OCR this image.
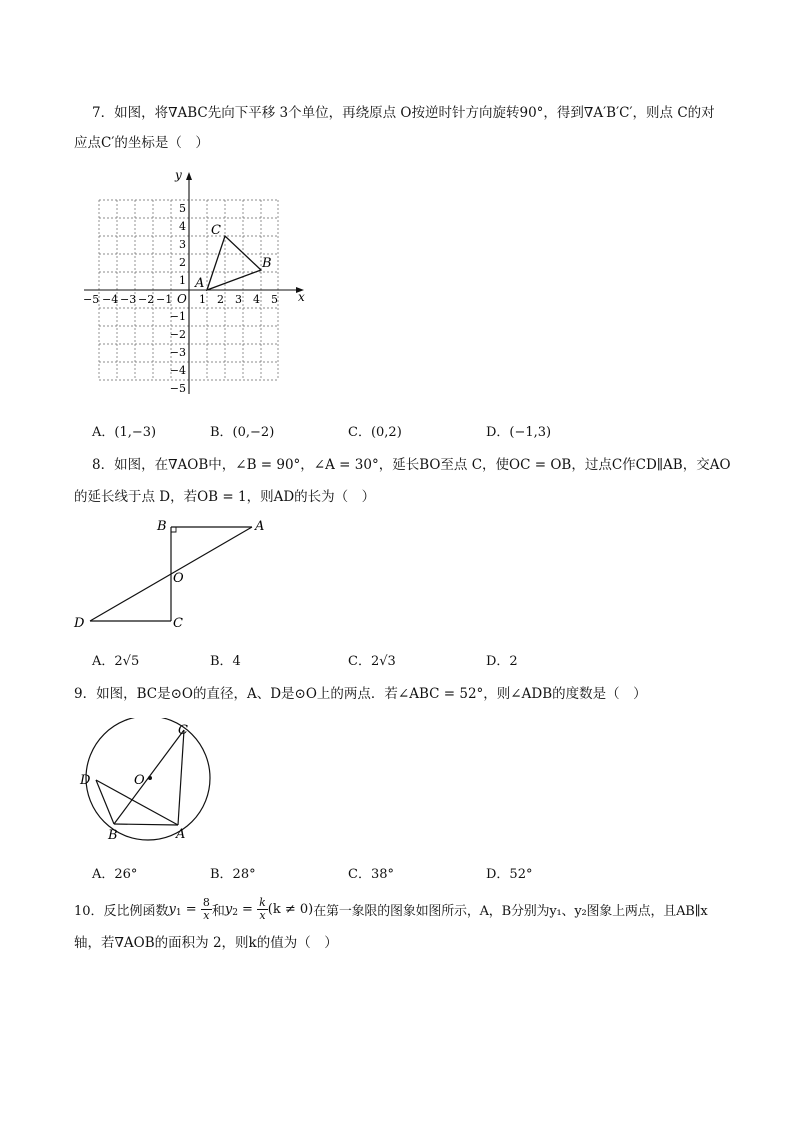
7．如图，将∇ABC先向下平移 3个单位，再绕原点 O按逆时针方向旋转90°，得到∇A′B′C′，则点 C的对
应点C′的坐标是（　）
x
y
O
−5 −4 −3 −2 −1 1 2 3 4 5
5
4
3
2
1
−1
−2
−3
−4
−5
A
C
B
A．(1,−3)	B．(0,−2)	C．(0,2)	D．(−1,3)
8．如图，在∇AOB中，∠B = 90°，∠A = 30°，延长BO至点 C，使OC = OB，过点C作CD∥AB，交AO
的延长线于点 D，若OB = 1，则AD的长为（　）
B	A
O
D	C
A．2√5	B．4	C．2√3	D．2
9．如图，BC是⊙O的直径，A、D是⊙O上的两点．若∠ABC = 52°，则∠ADB的度数是（　）
C
D	O
B	A
A．26°	B．28°	C．38°	D．52°
10．反比例函数 y $1 = \frac{8}{x}$ 和 y $2 = \frac{k}{x} (k \ne 0)$ 在第一象限的图象如图所示，A，B分别为y₁、y₂图象上两点，且AB∥x
轴，若∇AOB的面积为 2，则k的值为（　）
